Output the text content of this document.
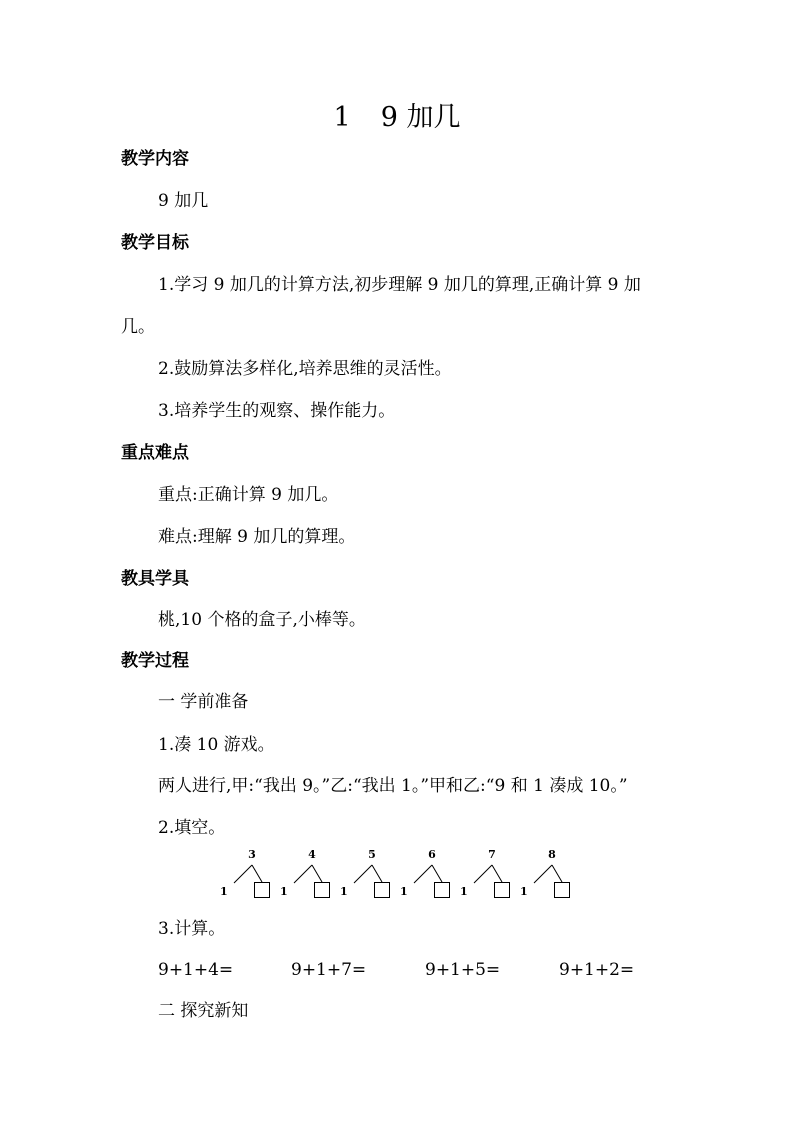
1 9 加几
教学内容
9 加几
教学目标
1.学习 9 加几的计算方法,初步理解 9 加几的算理,正确计算 9 加
几。
2.鼓励算法多样化,培养思维的灵活性。
3.培养学生的观察、操作能力。
重点难点
重点:正确计算 9 加几。
难点:理解 9 加几的算理。
教具学具
桃,10 个格的盒子,小棒等。
教学过程
一 学前准备
1.凑 10 游戏。
两人进行,甲:“我出 9。”乙:“我出 1。”甲和乙:“9 和 1 凑成 10。”
2.填空。
3
1
4
1
5
1
6
1
7
1
8
1
3.计算。
9+1+4=	9+1+7=	9+1+5=	9+1+2=
二 探究新知
